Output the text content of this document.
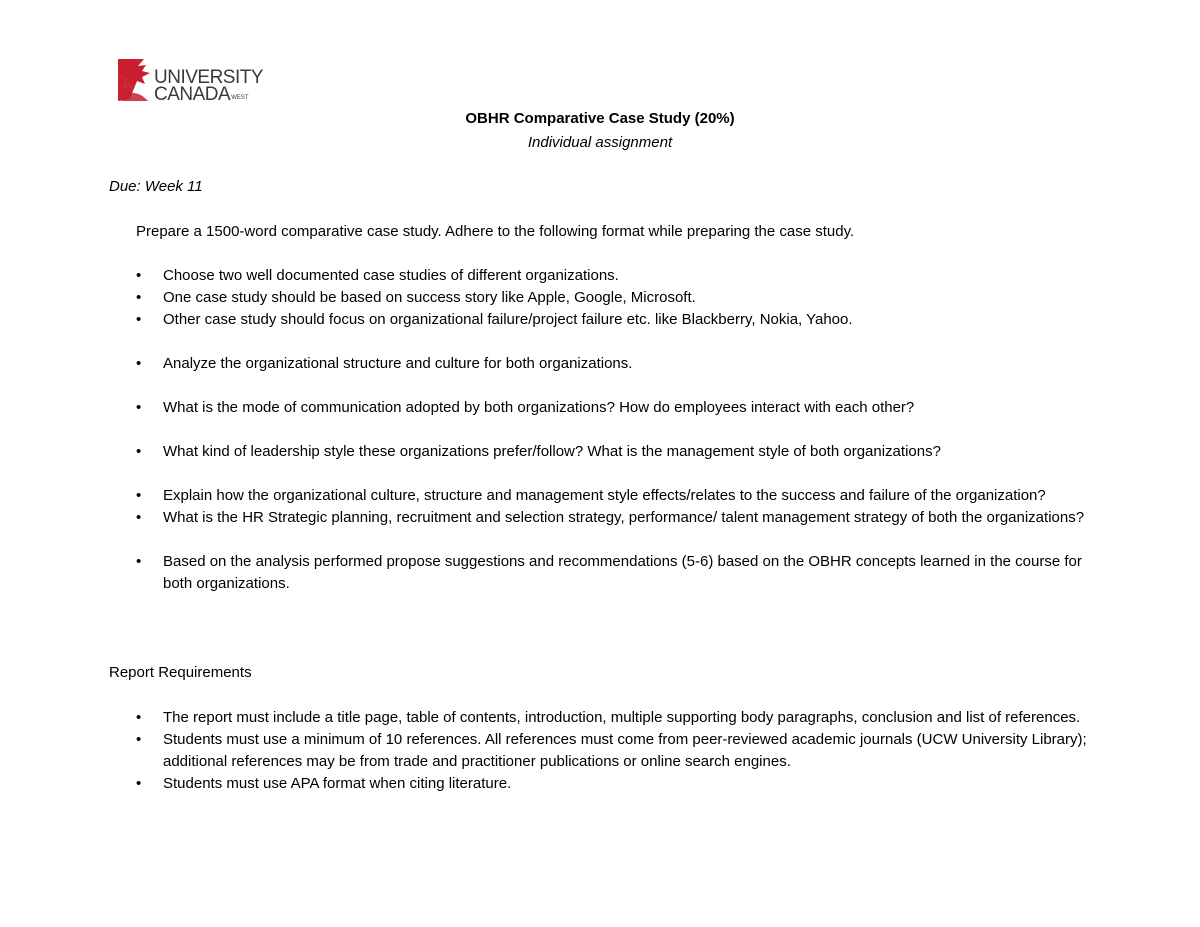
UNIVERSITY
CANADAWEST
OBHR Comparative Case Study (20%)
Individual assignment
Due: Week 11
Prepare a 1500-word comparative case study. Adhere to the following format while preparing the case study.
• Choose two well documented case studies of different organizations.
• One case study should be based on success story like Apple, Google, Microsoft.
• Other case study should focus on organizational failure/project failure etc. like Blackberry, Nokia, Yahoo.
• Analyze the organizational structure and culture for both organizations.
• What is the mode of communication adopted by both organizations? How do employees interact with each other?
• What kind of leadership style these organizations prefer/follow? What is the management style of both organizations?
• Explain how the organizational culture, structure and management style effects/relates to the success and failure of the organization?
• What is the HR Strategic planning, recruitment and selection strategy, performance/ talent management strategy of both the organizations?
• Based on the analysis performed propose suggestions and recommendations (5-6) based on the OBHR concepts learned in the course for both organizations.
Report Requirements
• The report must include a title page, table of contents, introduction, multiple supporting body paragraphs, conclusion and list of references.
• Students must use a minimum of 10 references. All references must come from peer-reviewed academic journals (UCW University Library); additional references may be from trade and practitioner publications or online search engines.
• Students must use APA format when citing literature.
